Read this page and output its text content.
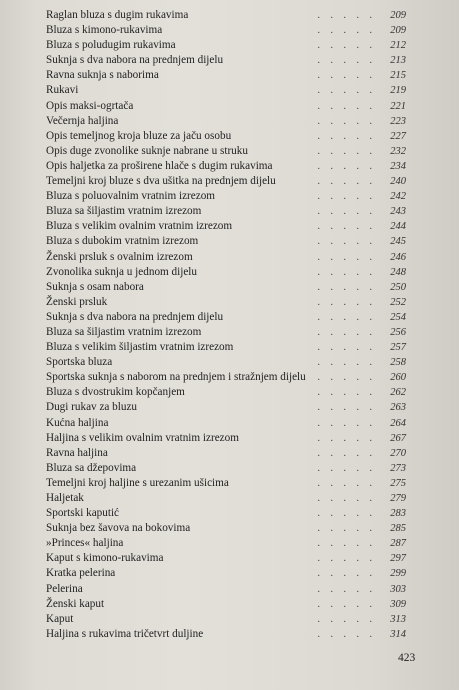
Raglan bluza s dugim rukavima	. . . . . 209
Bluza s kimono-rukavima	. . . . . 209
Bluza s poludugim rukavima	. . . . . 212
Suknja s dva nabora na prednjem dijelu	. . . . . 213
Ravna suknja s naborima	. . . . . 215
Rukavi	. . . . . 219
Opis maksi-ogrtača	. . . . . 221
Večernja haljina	. . . . . 223
Opis temeljnog kroja bluze za jaču osobu	. . . . . 227
Opis duge zvonolike suknje nabrane u struku	. . . . . 232
Opis haljetka za proširene hlače s dugim rukavima	. . . . . 234
Temeljni kroj bluze s dva ušitka na prednjem dijelu	. . . . . 240
Bluza s poluovalnim vratnim izrezom	. . . . . 242
Bluza sa šiljastim vratnim izrezom	. . . . . 243
Bluza s velikim ovalnim vratnim izrezom	. . . . . 244
Bluza s dubokim vratnim izrezom	. . . . . 245
Ženski prsluk s ovalnim izrezom	. . . . . 246
Zvonolika suknja u jednom dijelu	. . . . . 248
Suknja s osam nabora	. . . . . 250
Ženski prsluk	. . . . . 252
Suknja s dva nabora na prednjem dijelu	. . . . . 254
Bluza sa šiljastim vratnim izrezom	. . . . . 256
Bluza s velikim šiljastim vratnim izrezom	. . . . . 257
Sportska bluza	. . . . . 258
Sportska suknja s naborom na prednjem i stražnjem dijelu . . . . . 260
Bluza s dvostrukim kopčanjem	. . . . . 262
Dugi rukav za bluzu	. . . . . 263
Kućna haljina	. . . . . 264
Haljina s velikim ovalnim vratnim izrezom	. . . . . 267
Ravna haljina	. . . . . 270
Bluza sa džepovima	. . . . . 273
Temeljni kroj haljine s urezanim ušicima	. . . . . 275
Haljetak	. . . . . 279
Sportski kaputić	. . . . . 283
Suknja bez šavova na bokovima	. . . . . 285
»Princes« haljina	. . . . . 287
Kaput s kimono-rukavima	. . . . . 297
Kratka pelerina	. . . . . 299
Pelerina	. . . . . 303
Ženski kaput	. . . . . 309
Kaput	. . . . . 313
Haljina s rukavima tričetvrt duljine	. . . . . 314
423
